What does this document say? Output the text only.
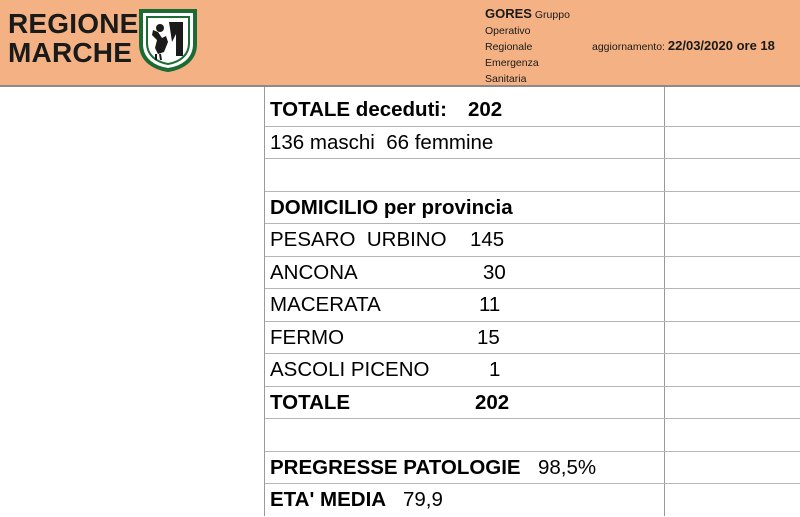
REGIONE
MARCHE
GORES Gruppo
Operativo
Regionale
Emergenza
Sanitaria
aggiornamento: 22/03/2020 ore 18
TOTALE deceduti: 202
136 maschi  66 femmine
DOMICILIO per provincia
PESARO  URBINO 145
ANCONA	30
MACERATA	11
FERMO	15
ASCOLI PICENO	1
TOTALE	202
PREGRESSE PATOLOGIE 98,5%
ETA' MEDIA 79,9
